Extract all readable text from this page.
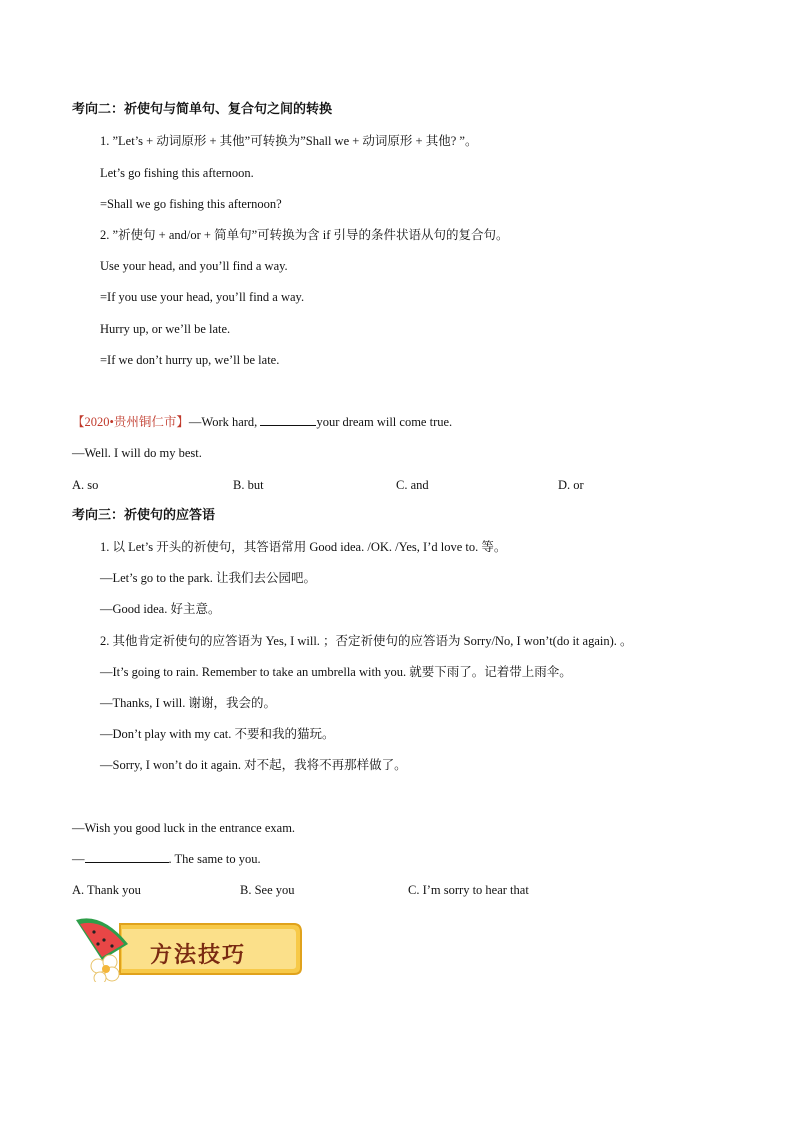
考向二：祈使句与简单句、复合句之间的转换
1. ”Let’s + 动词原形 + 其他”可转换为”Shall we + 动词原形 + 其他? ”。
Let’s go fishing this afternoon.
=Shall we go fishing this afternoon?
2. ”祈使句 + and/or + 简单句”可转换为含 if 引导的条件状语从句的复合句。
Use your head, and you’ll find a way.
=If you use your head, you’ll find a way.
Hurry up, or we’ll be late.
=If we don’t hurry up, we’ll be late.
【2020•贵州铜仁市】—Work hard,	your dream will come true.
—Well. I will do my best.
A. so	B. but	C. and	D. or
考向三：祈使句的应答语
1. 以 Let’s 开头的祈使句，其答语常用 Good idea. /OK. /Yes, I’d love to. 等。
—Let’s go to the park. 让我们去公园吧。
—Good idea. 好主意。
2. 其他肯定祈使句的应答语为 Yes, I will. ；否定祈使句的应答语为 Sorry/No, I won’t(do it again). 。
—It’s going to rain. Remember to take an umbrella with you. 就要下雨了。记着带上雨伞。
—Thanks, I will. 谢谢，我会的。
—Don’t play with my cat. 不要和我的猫玩。
—Sorry, I won’t do it again. 对不起，我将不再那样做了。
—Wish you good luck in the entrance exam.
—	. The same to you.
A. Thank you	B. See you	C. I’m sorry to hear that
方法技巧
